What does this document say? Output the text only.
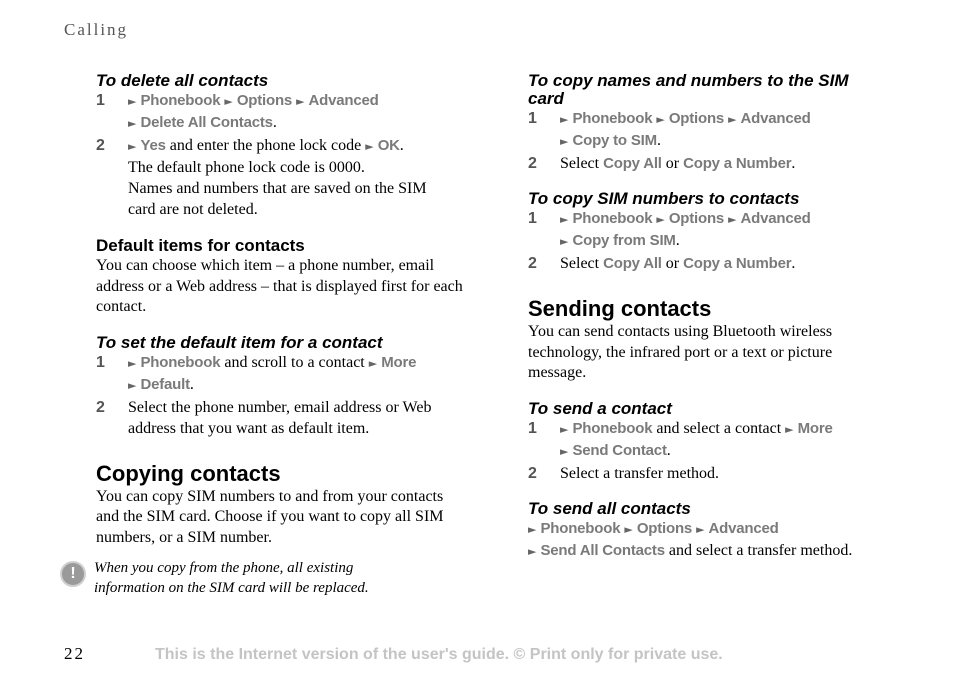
Calling
To delete all contacts
1 ► Phonebook ► Options ► Advanced
► Delete All Contacts.
2 ► Yes and enter the phone lock code ► OK.
The default phone lock code is 0000.
Names and numbers that are saved on the SIM card are not deleted.
Default items for contacts
You can choose which item – a phone number, email address or a Web address – that is displayed first for each contact.
To set the default item for a contact
1 ► Phonebook and scroll to a contact ► More
► Default.
2 Select the phone number, email address or Web address that you want as default item.
Copying contacts
You can copy SIM numbers to and from your contacts and the SIM card. Choose if you want to copy all SIM numbers, or a SIM number.
!	When you copy from the phone, all existing information on the SIM card will be replaced.
To copy names and numbers to the SIM card
1 ► Phonebook ► Options ► Advanced
► Copy to SIM.
2 Select Copy All or Copy a Number.
To copy SIM numbers to contacts
1 ► Phonebook ► Options ► Advanced
► Copy from SIM.
2 Select Copy All or Copy a Number.
Sending contacts
You can send contacts using Bluetooth wireless technology, the infrared port or a text or picture message.
To send a contact
1 ► Phonebook and select a contact ► More
► Send Contact.
2 Select a transfer method.
To send all contacts
► Phonebook ► Options ► Advanced
► Send All Contacts and select a transfer method.
22	This is the Internet version of the user's guide. © Print only for private use.
